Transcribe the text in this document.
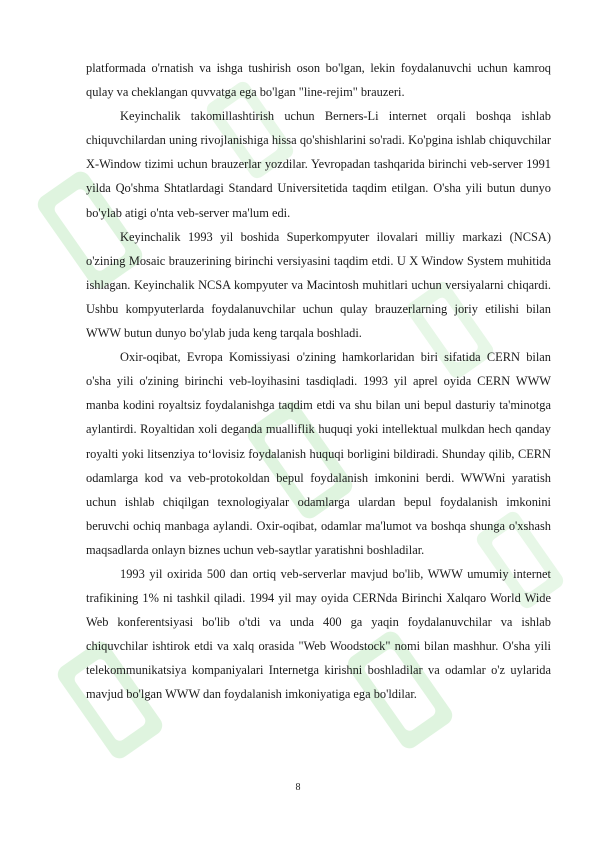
platformada o'rnatish va ishga tushirish oson bo'lgan, lekin foydalanuvchi uchun kamroq qulay va cheklangan quvvatga ega bo'lgan "line-rejim" brauzeri.

Keyinchalik takomillashtirish uchun Berners-Li internet orqali boshqa ishlab chiquvchilardan uning rivojlanishiga hissa qo'shishlarini so'radi. Ko'pgina ishlab chiquvchilar X-Window tizimi uchun brauzerlar yozdilar. Yevropadan tashqarida birinchi veb-server 1991 yilda Qo'shma Shtatlardagi Standard Universitetida taqdim etilgan. O'sha yili butun dunyo bo'ylab atigi o'nta veb-server ma'lum edi.

Keyinchalik 1993 yil boshida Superkompyuter ilovalari milliy markazi (NCSA) o'zining Mosaic brauzerining birinchi versiyasini taqdim etdi. U X Window System muhitida ishlagan. Keyinchalik NCSA kompyuter va Macintosh muhitlari uchun versiyalarni chiqardi. Ushbu kompyuterlarda foydalanuvchilar uchun qulay brauzerlarning joriy etilishi bilan WWW butun dunyo bo'ylab juda keng tarqala boshladi.

Oxir-oqibat, Evropa Komissiyasi o'zining hamkorlaridan biri sifatida CERN bilan o'sha yili o'zining birinchi veb-loyihasini tasdiqladi. 1993 yil aprel oyida CERN WWW manba kodini royaltsiz foydalanishga taqdim etdi va shu bilan uni bepul dasturiy ta'minotga aylantirdi. Royaltidan xoli deganda mualliflik huquqi yoki intellektual mulkdan hech qanday royalti yoki litsenziya to‘lovisiz foydalanish huquqi borligini bildiradi. Shunday qilib, CERN odamlarga kod va veb-protokoldan bepul foydalanish imkonini berdi. WWWni yaratish uchun ishlab chiqilgan texnologiyalar odamlarga ulardan bepul foydalanish imkonini beruvchi ochiq manbaga aylandi. Oxir-oqibat, odamlar ma'lumot va boshqa shunga o'xshash maqsadlarda onlayn biznes uchun veb-saytlar yaratishni boshladilar.

1993 yil oxirida 500 dan ortiq veb-serverlar mavjud bo'lib, WWW umumiy internet trafikining 1% ni tashkil qiladi. 1994 yil may oyida CERNda Birinchi Xalqaro World Wide Web konferentsiyasi bo'lib o'tdi va unda 400 ga yaqin foydalanuvchilar va ishlab chiquvchilar ishtirok etdi va xalq orasida "Web Woodstock" nomi bilan mashhur. O'sha yili telekommunikatsiya kompaniyalari Internetga kirishni boshladilar va odamlar o'z uylarida mavjud bo'lgan WWW dan foydalanish imkoniyatiga ega bo'ldilar.

8
